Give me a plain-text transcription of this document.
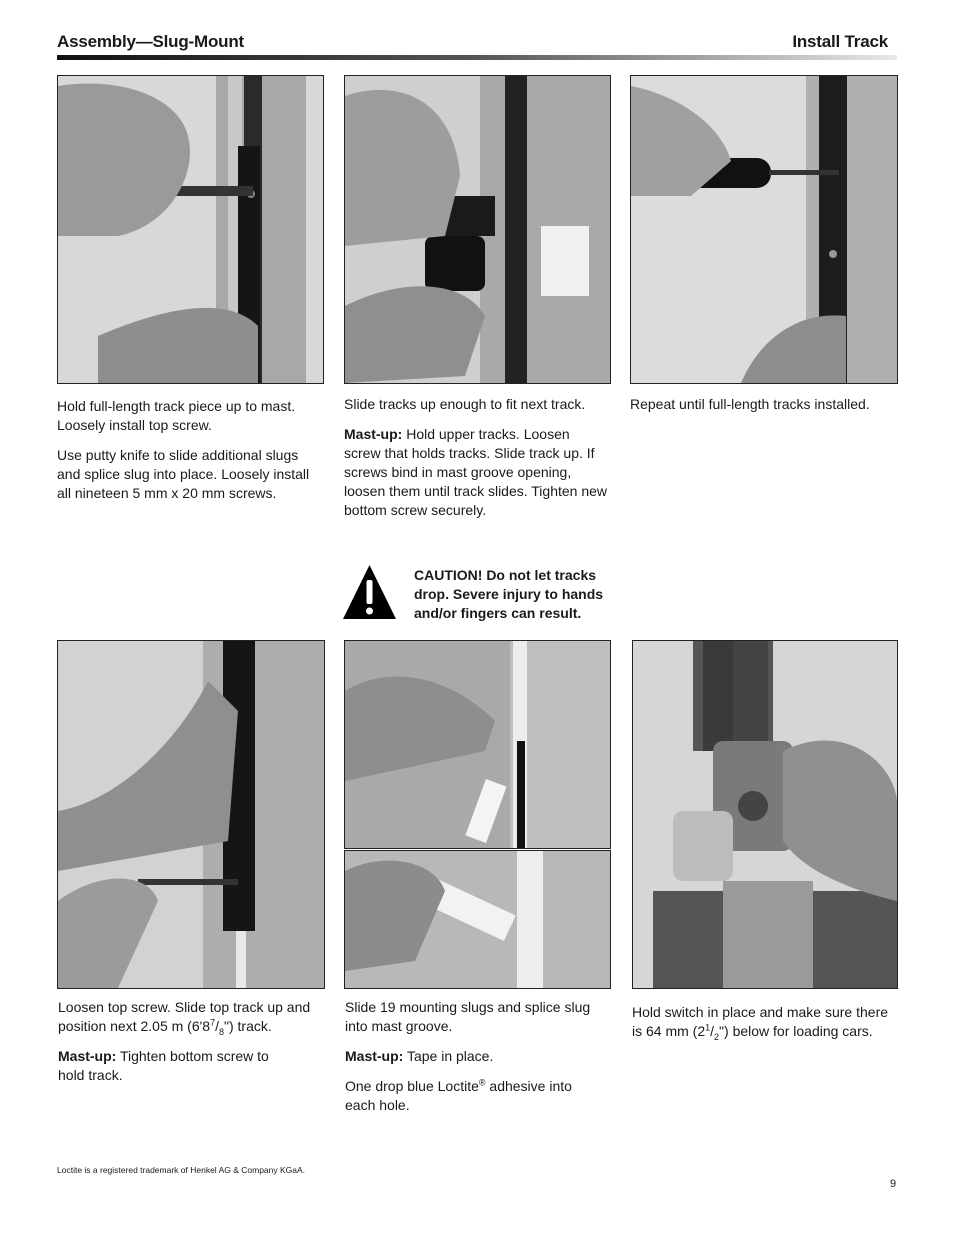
Assembly—Slug-Mount	Install Track

Hold full-length track piece up to mast. Loosely install top screw.

Use putty knife to slide additional slugs and splice slug into place. Loosely install all nineteen 5 mm x 20 mm screws.

Slide tracks up enough to fit next track.

Mast-up: Hold upper tracks. Loosen screw that holds tracks. Slide track up. If screws bind in mast groove opening, loosen them until track slides. Tighten new bottom screw securely.

Repeat until full-length tracks installed.

CAUTION! Do not let tracks drop. Severe injury to hands and/or fingers can result.

Loosen top screw. Slide top track up and position next 2.05 m $(6'8^7/_8")$ track.

Mast-up: Tighten bottom screw to hold track.

Slide 19 mounting slugs and splice slug into mast groove.

Mast-up: Tape in place.

One drop blue Loctite® adhesive into each hole.

Hold switch in place and make sure there is 64 mm $(2^1/_2")$ below for loading cars.

Loctite is a registered trademark of Henkel AG & Company KGaA.
9
